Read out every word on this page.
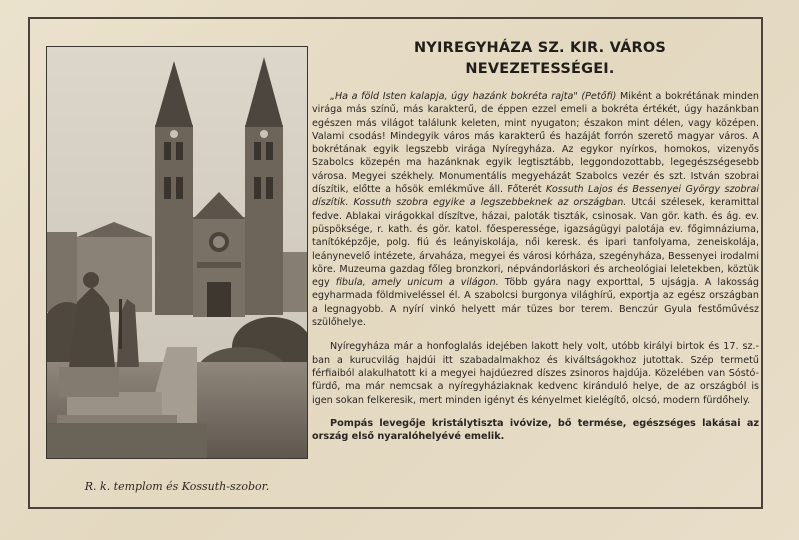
R. k. templom és Kossuth-szobor.
NYIREGYHÁZA SZ. KIR. VÁROS
NEVEZETESSÉGEI.

„Ha a föld Isten kalapja, úgy hazánk bokréta rajta" (Petőfi) Miként a bokrétának minden virága más színű, más karakterű, de éppen ezzel emeli a bokréta értékét, úgy hazánkban egészen más világot találunk keleten, mint nyugaton; északon mint délen, vagy középen. Valami csodás! Mindegyik város más karakterű és hazáját forrón szerető magyar város. A bokrétának egyik legszebb virága Nyíregyháza. Az egykor nyírkos, homokos, vizenyős Szabolcs közepén ma hazánknak egyik legtisztább, leggondozottabb, legegészségesebb városa. Megyei székhely. Monumentális megyeházát Szabolcs vezér és szt. István szobrai díszítik, előtte a hősök emlékműve áll. Főterét Kossuth Lajos és Bessenyei György szobrai díszítik. Kossuth szobra egyike a legszebbeknek az országban. Utcái szélesek, keramittal fedve. Ablakai virágokkal díszítve, házai, paloták tiszták, csinosak. Van gör. kath. és ág. ev. püspöksége, r. kath. és gör. katol. főesperessége, igazságügyi palotája ev. főgimnáziuma, tanítóképzője, polg. fiú és leányiskolája, női keresk. és ipari tanfolyama, zeneiskolája, leánynevelő intézete, árvaháza, megyei és városi kórháza, szegényháza, Bessenyei irodalmi köre. Muzeuma gazdag főleg bronzkori, népvándorláskori és archeológiai leletekben, köztük egy fibula, amely unicum a világon. Több gyára nagy exporttal, 5 ujságja. A lakosság egyharmada földmiveléssel él. A szabolcsi burgonya világhírű, exportja az egész országban a legnagyobb. A nyírí vinkó helyett már tüzes bor terem. Benczúr Gyula festőművész szülőhelye.

Nyíregyháza már a honfoglalás idejében lakott hely volt, utóbb királyi birtok és 17. sz.-ban a kurucvilág hajdúi itt szabadalmakhoz és kiváltságokhoz jutottak. Szép termetű férfiaiból alakulhatott ki a megyei hajdúezred díszes zsinoros hajdúja. Közelében van Sóstó-fürdő, ma már nemcsak a nyíregyháziaknak kedvenc kiránduló helye, de az országból is igen sokan felkeresik, mert minden igényt és kényelmet kielégítő, olcsó, modern fürdőhely.

Pompás levegője kristálytiszta ivóvize, bő termése, egészséges lakásai az ország első nyaralóhelyévé emelik.
